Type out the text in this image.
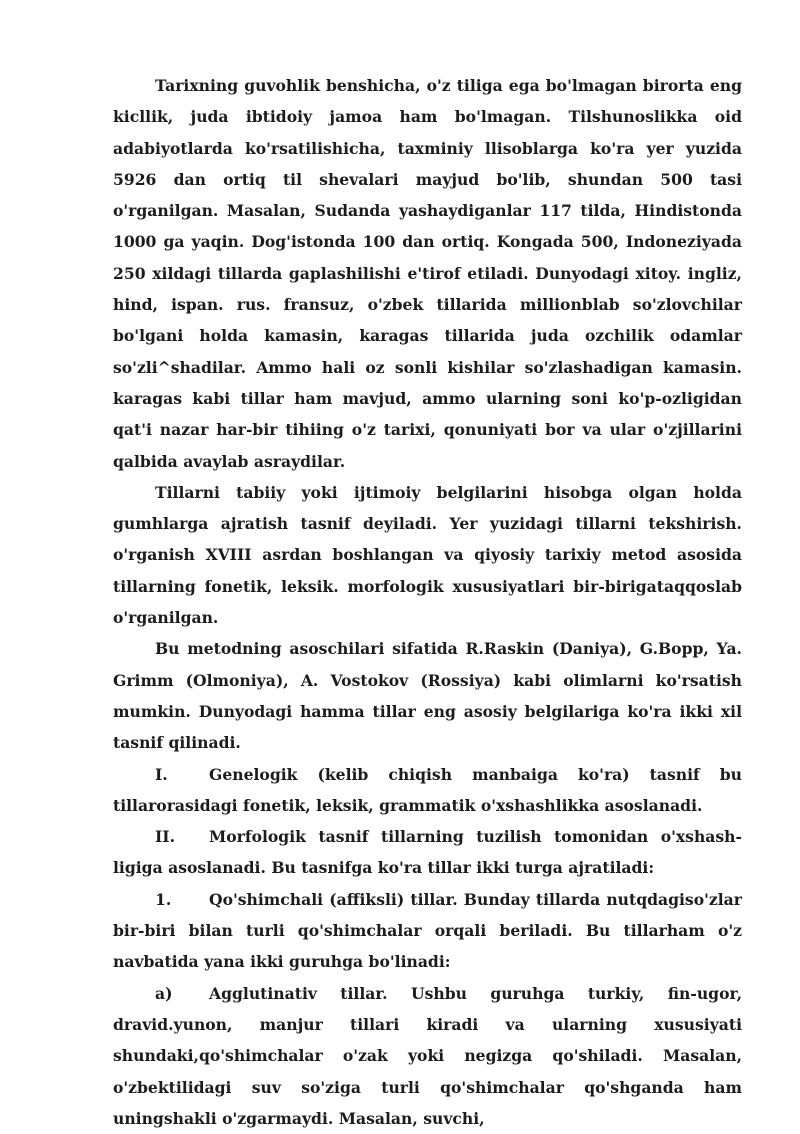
Tarixning guvohlik benshicha, o'z tiliga ega bo'lmagan birorta eng kicllik, juda ibtidoiy jamoa ham bo'lmagan. Tilshunoslikka oid adabiyotlarda ko'rsatilishicha, taxminiy llisoblarga ko'ra yer yuzida 5926 dan ortiq til shevalari mayjud bo'lib, shundan 500 tasi o'rganilgan. Masalan, Sudanda yashaydiganlar 117 tilda, Hindistonda 1000 ga yaqin. Dog'istonda 100 dan ortiq. Kongada 500, Indoneziyada 250 xildagi tillarda gaplashilishi e'tirof etiladi. Dunyodagi xitoy. ingliz, hind, ispan. rus. fransuz, o'zbek tillarida millionblab so'zlovchilar bo'lgani holda kamasin, karagas tillarida juda ozchilik odamlar so'zli^shadilar. Ammo hali oz sonli kishilar so'zlashadigan kamasin. karagas kabi tillar ham mavjud, ammo ularning soni ko'p-ozligidan qat'i nazar har-bir tihiing o'z tarixi, qonuniyati bor va ular o'zjillarini qalbida avaylab asraydilar.

Tillarni tabiiy yoki ijtimoiy belgilarini hisobga olgan holda gumhlarga ajratish tasnif deyiladi. Yer yuzidagi tillarni tekshirish. o'rganish XVIII asrdan boshlangan va qiyosiy tarixiy metod asosida tillarning fonetik, leksik. morfologik xususiyatlari bir-birigataqqoslab o'rganilgan.

Bu metodning asoschilari sifatida R.Raskin (Daniya), G.Bopp, Ya. Grimm (Olmoniya), A. Vostokov (Rossiya) kabi olimlarni ko'rsatish mumkin. Dunyodagi hamma tillar eng asosiy belgilariga ko'ra ikki xil tasnif qilinadi.

I.	Genelogik (kelib chiqish manbaiga ko'ra) tasnif bu tillarorasidagi fonetik, leksik, grammatik o'xshashlikka asoslanadi.

II. Morfologik tasnif tillarning tuzilish tomonidan o'xshash-ligiga asoslanadi. Bu tasnifga ko'ra tillar ikki turga ajratiladi:

1. Qo'shimchali (affiksli) tillar. Bunday tillarda nutqdagiso'zlar bir-biri bilan turli qo'shimchalar orqali beriladi. Bu tillarham o'z navbatida yana ikki guruhga bo'linadi:

a) Agglutinativ tillar. Ushbu guruhga turkiy, fin-ugor, dravid.yunon, manjur tillari kiradi va ularning xususiyati shundaki,qo'shimchalar o'zak yoki negizga qo'shiladi. Masalan, o'zbektilidagi suv so'ziga turli qo'shimchalar qo'shganda ham uningshakli o'zgarmaydi. Masalan, suvchi,
